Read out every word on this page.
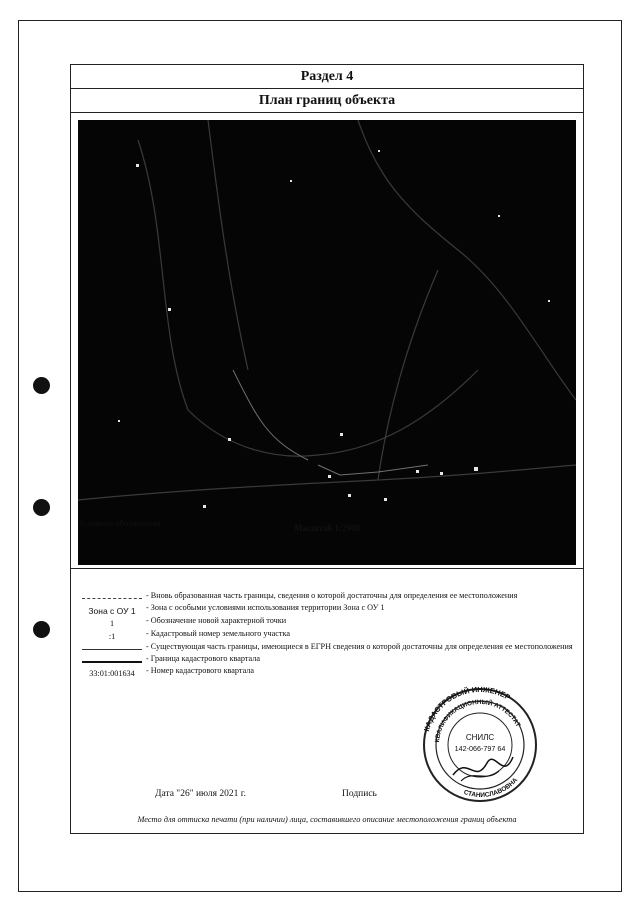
Раздел 4
План границ объекта
Масштаб 1:2900
Условные обозначения
- Вновь образованная часть границы, сведения о которой достаточны для определения ее местоположения
Зона с ОУ 1	- Зона с особыми условиями использования территории Зона с ОУ 1
1	- Обозначение новой характерной точки
:1	- Кадастровый номер земельного участка
- Существующая часть границы, имеющиеся в ЕГРН сведения о которой достаточны для определения ее местоположения
- Граница кадастрового квартала
33:01:001634	- Номер кадастрового квартала
КАДАСТРОВЫЙ ИНЖЕНЕР
КВАЛИФИКАЦИОННЫЙ АТТЕСТАТ
СТАНИСЛАВОВНА
СНИЛС
142-066-797 64
Дата "26" июля 2021 г.	Подпись
Место для оттиска печати (при наличии) лица, составившего описание местоположения границ объекта
